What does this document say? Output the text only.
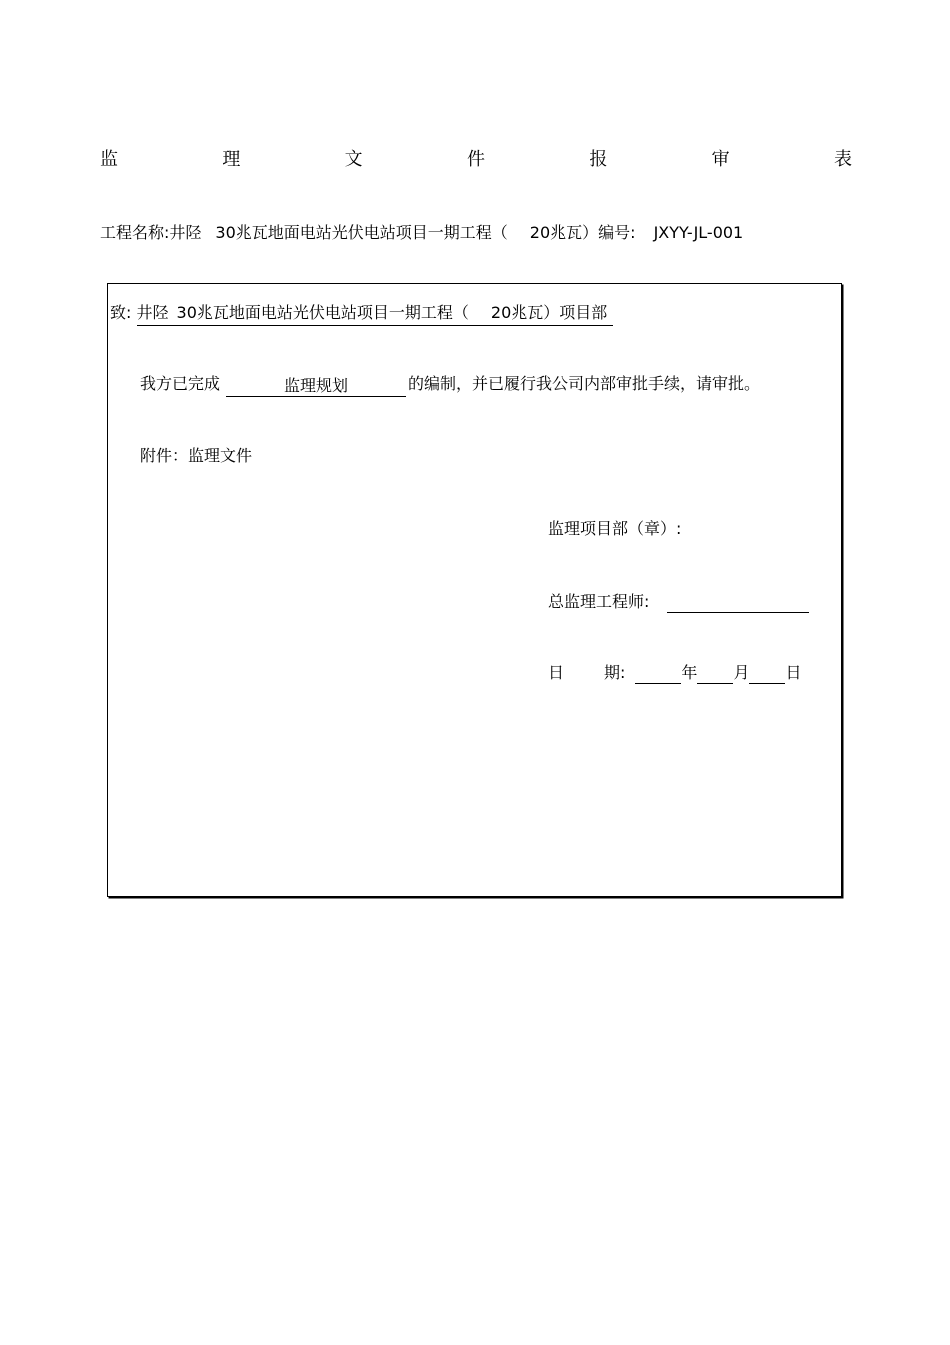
监	理	文	件	报	审	表
工程名称:井陉 30兆瓦地面电站光伏电站项目一期工程（ 20兆瓦）编号: JXYY-JL-001
致: 井陉 30兆瓦地面电站光伏电站项目一期工程（ 20兆瓦）项目部
我方已完成	监理规划	的编制，并已履行我公司内部审批手续，请审批。
附件：监理文件
监理项目部（章）:
总监理工程师:
日	期:	年 月 日
